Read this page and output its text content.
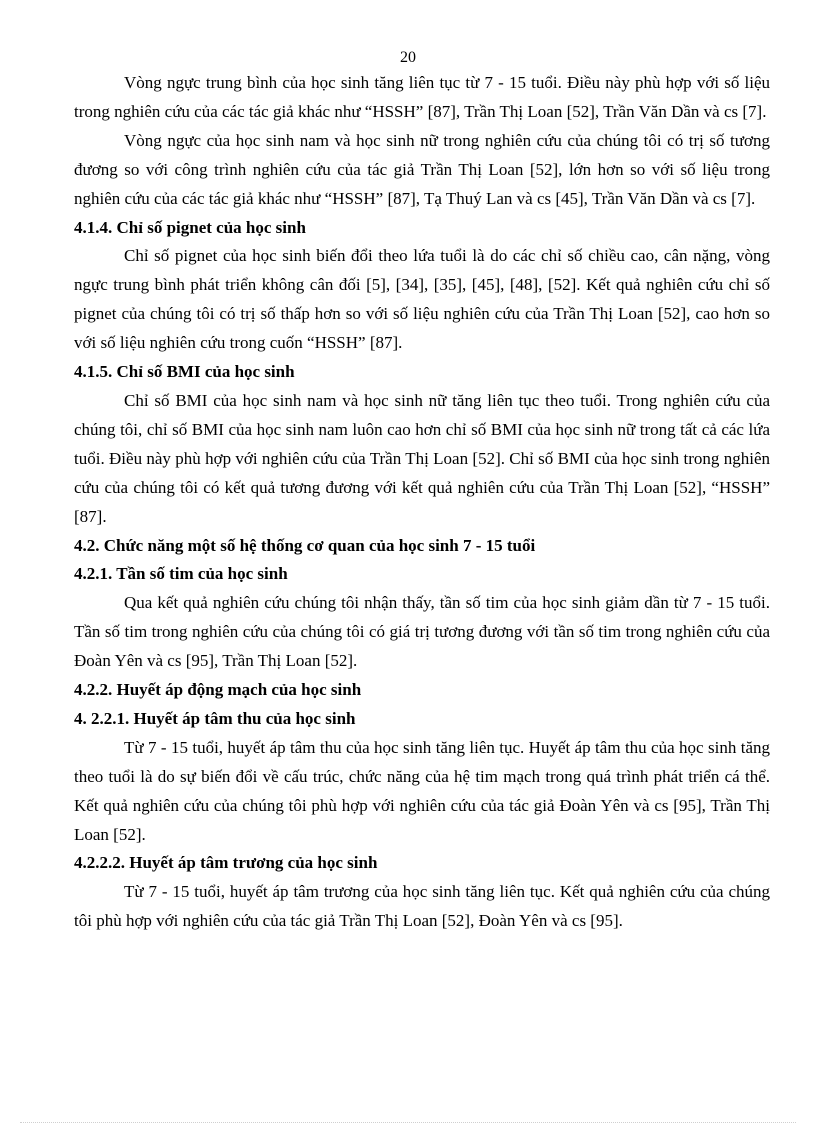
20

Vòng ngực trung bình của học sinh tăng liên tục từ 7 - 15 tuổi. Điều này phù hợp với số liệu trong nghiên cứu của các tác giả khác như “HSSH” [87], Trần Thị Loan [52], Trần Văn Dần và cs [7].

Vòng ngực của học sinh nam và học sinh nữ trong nghiên cứu của chúng tôi có trị số tương đương so với công trình nghiên cứu của tác giả Trần Thị Loan [52], lớn hơn so với số liệu trong nghiên cứu của các tác giả khác như “HSSH” [87], Tạ Thuý Lan và cs [45], Trần Văn Dần và cs [7].

4.1.4. Chỉ số pignet của học sinh

Chỉ số pignet của học sinh biến đổi theo lứa tuổi là do các chỉ số chiều cao, cân nặng, vòng ngực trung bình phát triển không cân đối [5], [34], [35], [45], [48], [52]. Kết quả nghiên cứu chỉ số pignet của chúng tôi có trị số thấp hơn so với số liệu nghiên cứu của Trần Thị Loan [52], cao hơn so với số liệu nghiên cứu trong cuốn “HSSH” [87].

4.1.5. Chỉ số BMI của học sinh

Chỉ số BMI của học sinh nam và học sinh nữ tăng liên tục theo tuổi. Trong nghiên cứu của chúng tôi, chỉ số BMI của học sinh nam luôn cao hơn chỉ số BMI của học sinh nữ trong tất cả các lứa tuổi. Điều này phù hợp với nghiên cứu của Trần Thị Loan [52]. Chỉ số BMI của học sinh trong nghiên cứu của chúng tôi có kết quả tương đương với kết quả nghiên cứu của Trần Thị Loan [52], “HSSH” [87].

4.2. Chức năng một số hệ thống cơ quan của học sinh 7 - 15 tuổi
4.2.1. Tần số tim của học sinh

Qua kết quả nghiên cứu chúng tôi nhận thấy, tần số tim của học sinh giảm dần từ 7 - 15 tuổi. Tần số tim trong nghiên cứu của chúng tôi có giá trị tương đương với tần số tim trong nghiên cứu của Đoàn Yên và cs [95], Trần Thị Loan [52].

4.2.2. Huyết áp động mạch của học sinh
4. 2.2.1. Huyết áp tâm thu của học sinh

Từ 7 - 15 tuổi, huyết áp tâm thu của học sinh tăng liên tục. Huyết áp tâm thu của học sinh tăng theo tuổi là do sự biến đổi về cấu trúc, chức năng của hệ tim mạch trong quá trình phát triển cá thể. Kết quả nghiên cứu của chúng tôi phù hợp với nghiên cứu của tác giả Đoàn Yên và cs [95], Trần Thị Loan [52].

4.2.2.2. Huyết áp tâm trương của học sinh

Từ 7 - 15 tuổi, huyết áp tâm trương của học sinh tăng liên tục. Kết quả nghiên cứu của chúng tôi phù hợp với nghiên cứu của tác giả Trần Thị Loan [52], Đoàn Yên và cs [95].
